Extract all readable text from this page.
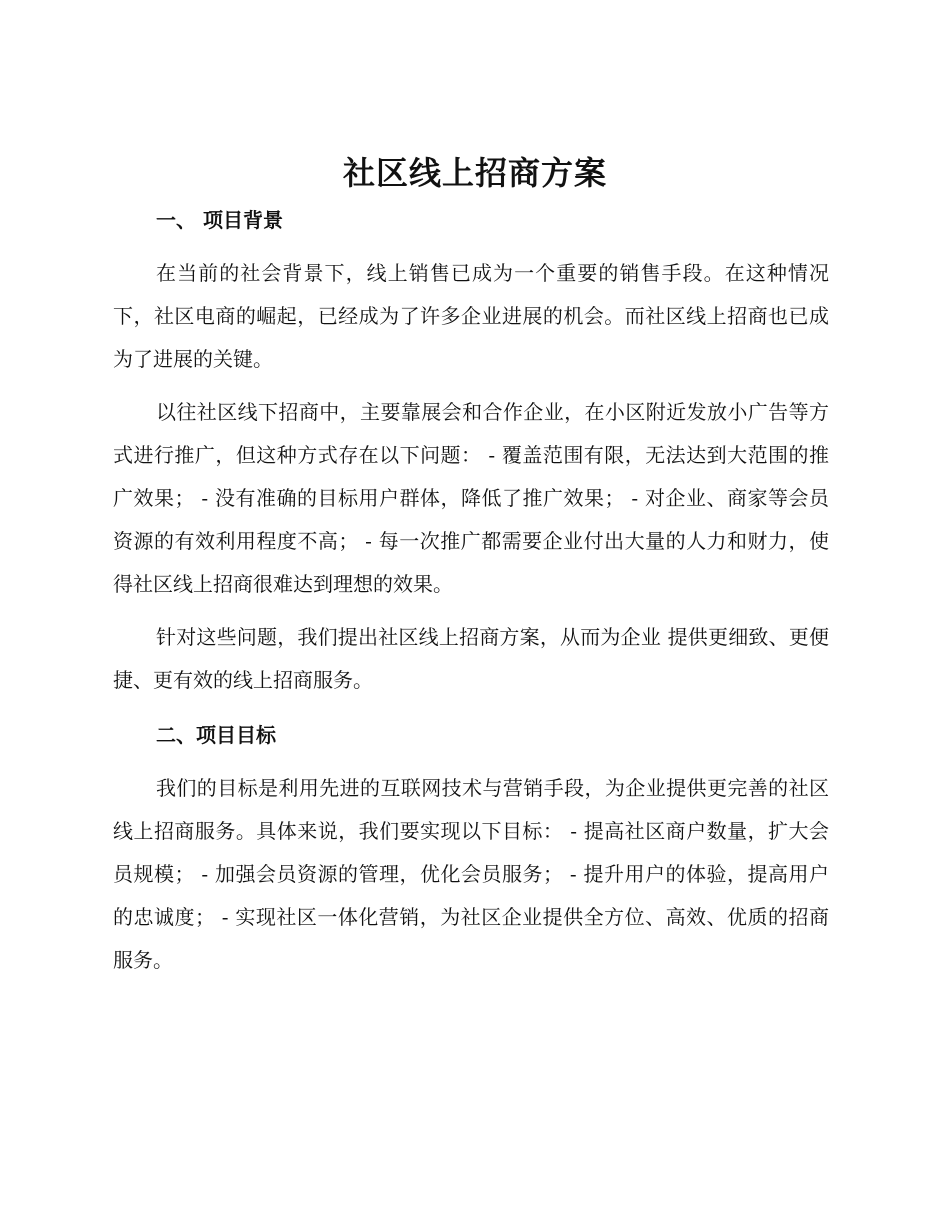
社区线上招商方案
一、 项目背景

在当前的社会背景下，线上销售已成为一个重要的销售手段。在这种情况下，社区电商的崛起，已经成为了许多企业进展的机会。而社区线上招商也已成为了进展的关键。

以往社区线下招商中，主要靠展会和合作企业，在小区附近发放小广告等方式进行推广，但这种方式存在以下问题： - 覆盖范围有限，无法达到大范围的推广效果； - 没有准确的目标用户群体，降低了推广效果； - 对企业、商家等会员资源的有效利用程度不高； - 每一次推广都需要企业付出大量的人力和财力，使得社区线上招商很难达到理想的效果。

针对这些问题，我们提出社区线上招商方案，从而为企业 提供更细致、更便捷、更有效的线上招商服务。

二、项目目标

我们的目标是利用先进的互联网技术与营销手段，为企业提供更完善的社区线上招商服务。具体来说，我们要实现以下目标： - 提高社区商户数量，扩大会员规模； - 加强会员资源的管理，优化会员服务； - 提升用户的体验，提高用户的忠诚度； - 实现社区一体化营销，为社区企业提供全方位、高效、优质的招商服务。
